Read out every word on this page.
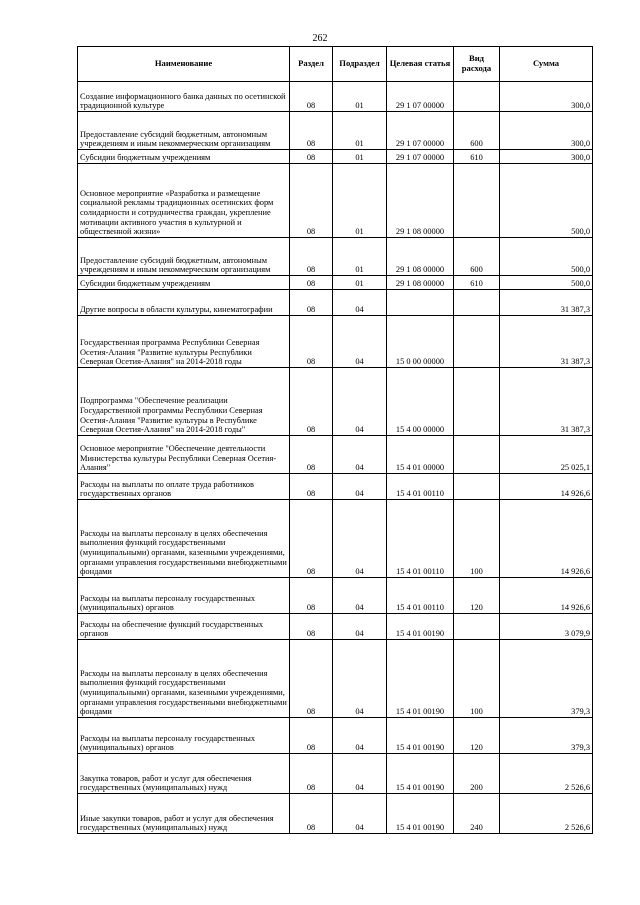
262
Наименование	Раздел	Подраздел	Целевая статья	Вид расхода	Сумма
Создание информационного банка данных по осетинской традиционной культуре	08	01	29 1 07 00000		300,0
Предоставление субсидий бюджетным, автономным учреждениям и иным некоммерческим организациям	08	01	29 1 07 00000	600	300,0
Субсидии бюджетным учреждениям	08	01	29 1 07 00000	610	300,0
Основное мероприятие «Разработка и размещение социальной рекламы традиционных осетинских форм солидарности и сотрудничества граждан, укрепление мотивации активного участия в культурной и общественной жизни»	08	01	29 1 08 00000		500,0
Предоставление субсидий бюджетным, автономным учреждениям и иным некоммерческим организациям	08	01	29 1 08 00000	600	500,0
Субсидии бюджетным учреждениям	08	01	29 1 08 00000	610	500,0
Другие вопросы в области культуры, кинематографии	08	04			31 387,3
Государственная программа Республики Северная Осетия-Алания "Развитие культуры Республики Северная Осетия-Алания" на 2014-2018 годы	08	04	15 0 00 00000		31 387,3
Подпрограмма "Обеспечение реализации Государственной программы Республики Северная Осетия-Алания "Развитие культуры в Республике Северная Осетия-Алания" на 2014-2018 годы"	08	04	15 4 00 00000		31 387,3
Основное мероприятие "Обеспечение деятельности Министерства культуры Республики Северная Осетия-Алания"	08	04	15 4 01 00000		25 025,1
Расходы на выплаты по оплате труда работников государственных органов	08	04	15 4 01 00110		14 926,6
Расходы на выплаты персоналу в целях обеспечения выполнения функций государственными (муниципальными) органами, казенными учреждениями, органами управления государственными внебюджетными фондами	08	04	15 4 01 00110	100	14 926,6
Расходы на выплаты персоналу государственных (муниципальных) органов	08	04	15 4 01 00110	120	14 926,6
Расходы на обеспечение функций государственных органов	08	04	15 4 01 00190		3 079,9
Расходы на выплаты персоналу в целях обеспечения выполнения функций государственными (муниципальными) органами, казенными учреждениями, органами управления государственными внебюджетными фондами	08	04	15 4 01 00190	100	379,3
Расходы на выплаты персоналу государственных (муниципальных) органов	08	04	15 4 01 00190	120	379,3
Закупка товаров, работ и услуг для обеспечения государственных (муниципальных) нужд	08	04	15 4 01 00190	200	2 526,6
Иные закупки товаров, работ и услуг для обеспечения государственных (муниципальных) нужд	08	04	15 4 01 00190	240	2 526,6
